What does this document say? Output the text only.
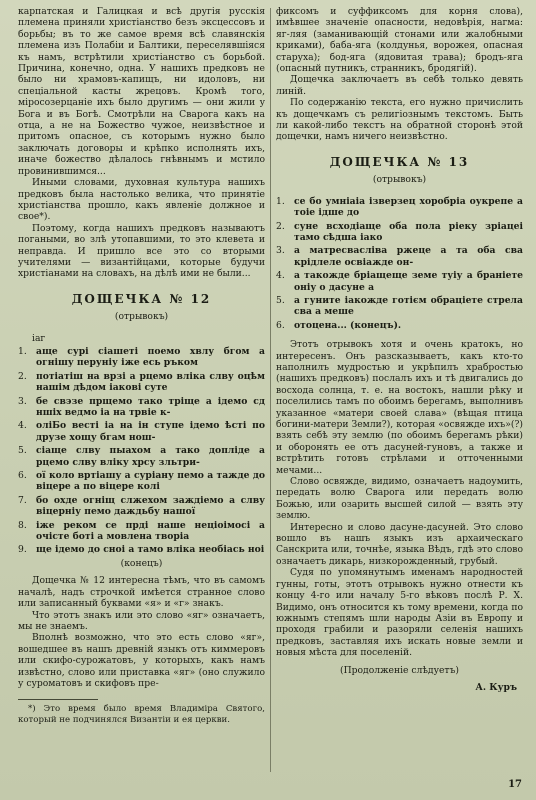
карпатская и Галицкая и всѣ другія русскія племена приняли христіанство безъ эксцессовъ и борьбы; въ то же самое время всѣ славянскія племена изъ Полабіи и Балтики, переселявшіяся къ намъ, встрѣтили христіанство съ борьбой. Причина, конечно, одна. У нашихъ предковъ не было ни храмовъ-капищъ, ни идоловъ, ни спеціальной касты жрецовъ. Кромѣ того, міросозерцаніе ихъ было другимъ — они жили у Бога и въ Богѣ. Смотрѣли на Сварога какъ на отца, а не на Божество чужое, неизвѣстное и притомъ опасное, съ которымъ нужно было заключать договоры и крѣпко исполнять ихъ, иначе божество дѣлалось гнѣвнымъ и мстило провинившимся...

Иными словами, духовная культура нашихъ предковъ была настолько велика, что принятіе христіанства прошло, какъ явленіе должное и свое*).

Поэтому, когда нашихъ предковъ называютъ погаными, во злѣ утопавшими, то это клевета и неправда. И пришло все это со вторыми учителями — византійцами, которые будучи христіанами на словахъ, на дѣлѣ ими не были...

ДОЩЕЧКА № 12
(отрывокъ)
іаг
1. аще сурі сіашеті поемо хвлу бгом а огнішу перуніу іже есь ръком
2. потіатіш на врзі а рцемо вліка слву оцѣм нашім дѣдом іакові суте
3. бе свэзе прщемо тако тріще а ідемо сд ншіх ведмо іа на трвіе к-
4. оліБо весті іа на ін ступе ідемо ѣсті по друзе хощу бгам нош-
5. сіаще слву пыахом а тако допліде а рцемо слву вліку хрсу зльтри-
6. ої коло вртіашу а суріану пемо а тажде до віцере а по віцере колі
7. бо охде огніщ слжехом заждіемо а слву віцерніу пемо даждьбу нашої
8. іже реком се прді наше неціоімосі а очісте боті а мовлена творіа
9. ще ідемо до сноі а тамо вліка необіась ноі
(конецъ)

Дощечка № 12 интересна тѣмъ, что въ самомъ началѣ, надъ строчкой имѣется странное слово или записанный буквами «я» и «г» знакъ.

Что этотъ знакъ или это слово «яг» означаетъ, мы не знаемъ.

Вполнѣ возможно, что это есть слово «яг», вошедшее въ нашъ древній языкъ отъ киммеровъ или скифо-сурожатовъ, у которыхъ, какъ намъ извѣстно, слово или приставка «яг» (оно служило у суроматовъ и скифовъ пре-

*) Это время было время Владиміра Святого, который не подчинялся Византіи и ея церкви.

фиксомъ и суффиксомъ для корня слова), имѣвшее значеніе опасности, недовѣрія, нагма: яг-ляя (заманивающій стонами или жалобными криками), баба-яга (колдунья, ворожея, опасная старуха); бод-яга (ядовитая трава); бродъ-яга (опасный путникъ, странникъ, бродягій).

Дощечка заключаетъ въ себѣ только девять линій.

По содержанію текста, его нужно причислить къ дощечкамъ съ религіознымъ текстомъ. Быть ли какой-либо текстъ на обратной сторонѣ этой дощечки, намъ ничего неизвѣстно.

ДОЩЕЧКА № 13
(отрывокъ)
1. се бо умніаіа ізверзец хоробріа оукрепе а тоіе ідше до
2. суне всходіаще оба пола ріеку зріацеі тамо сѣдша іако
3. а матресвасліва ржеце а та оба сва крідлеле освіажде он-
4. а такожде бріащеще земе туіу а браніете оніу о дасуне а
5. а гуните іакожде готієм обраціете стрела сва а меше
6. отоцена... (конецъ).

Этотъ отрывокъ хотя и очень кратокъ, но интересенъ. Онъ разсказываетъ, какъ кто-то наполнилъ мудростью и укрѣпилъ храбростью (нашихъ предковъ) послалъ ихъ и тѣ двигались до восхода солнца, т. е. на востокъ, нашли рѣку и поселились тамъ по обоимъ берегамъ, выполнивъ указанное «матери своей слава» (вѣщая птица богини-матери Земли?), которая «освяжде ихъ»(?) взять себѣ эту землю (по обоимъ берегамъ рѣки) и оборонять ее отъ дасуней-гуновъ, а также и встрѣтить готовъ стрѣлами и отточенными мечами...

Слово освяжде, видимо, означаетъ надоумить, передать волю Сварога или передать волю Божью, или озарить высшей силой — взять эту землю.

Интересно и слово дасуне-дасуней. Это слово вошло въ нашъ языкъ изъ архаическаго Санскрита или, точнѣе, языка Вѣдъ, гдѣ это слово означаетъ дикарь, низкорожденный, грубый.

Судя по упомянутымъ именамъ народностей гунны, готы, этотъ отрывокъ нужно отнести къ концу 4-го или началу 5-го вѣковъ послѣ Р. Х. Видимо, онъ относится къ тому времени, когда по южнымъ степямъ шли народы Азіи въ Европу и проходя грабили и разоряли селенія нашихъ предковъ, заставляя ихъ искать новые земли и новыя мѣста для поселеній.

(Продолженіе слѣдуетъ)
А. Куръ
17
